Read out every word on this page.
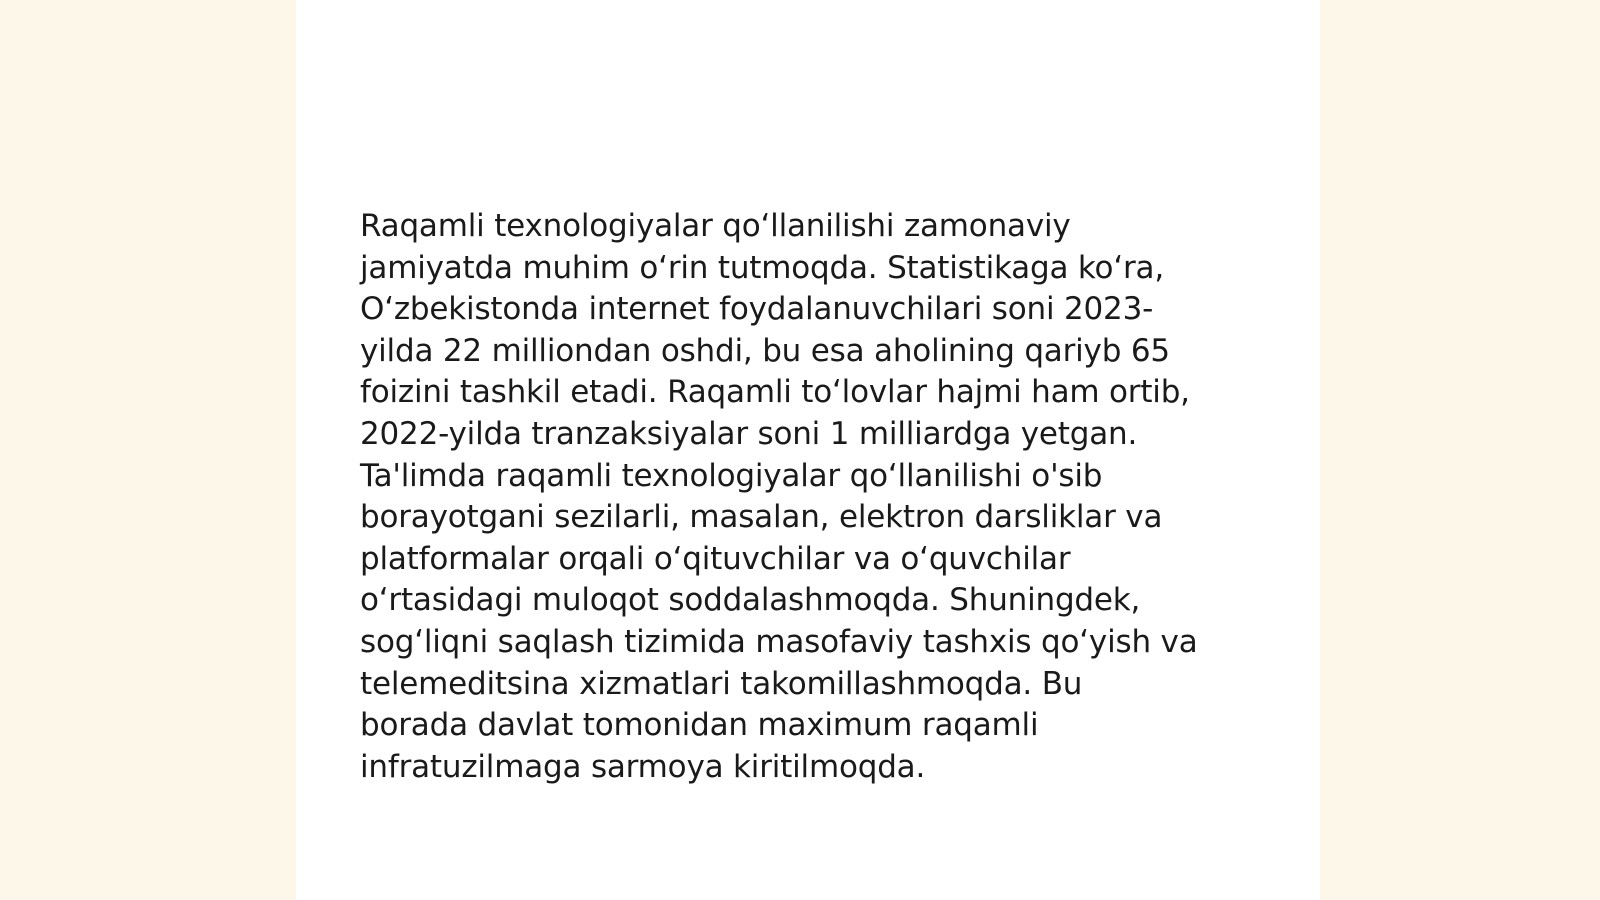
Raqamli texnologiyalar qoʻllanilishi zamonaviy
jamiyatda muhim oʻrin tutmoqda. Statistikaga koʻra,
Oʻzbekistonda internet foydalanuvchilari soni 2023-
yilda 22 milliondan oshdi, bu esa aholining qariyb 65
foizini tashkil etadi. Raqamli toʻlovlar hajmi ham ortib,
2022-yilda tranzaksiyalar soni 1 milliardga yetgan.
Ta'limda raqamli texnologiyalar qoʻllanilishi o'sib
borayotgani sezilarli, masalan, elektron darsliklar va
platformalar orqali oʻqituvchilar va oʻquvchilar
oʻrtasidagi muloqot soddalashmoqda. Shuningdek,
sogʻliqni saqlash tizimida masofaviy tashxis qoʻyish va
telemeditsina xizmatlari takomillashmoqda. Bu
borada davlat tomonidan maximum raqamli
infratuzilmaga sarmoya kiritilmoqda.
